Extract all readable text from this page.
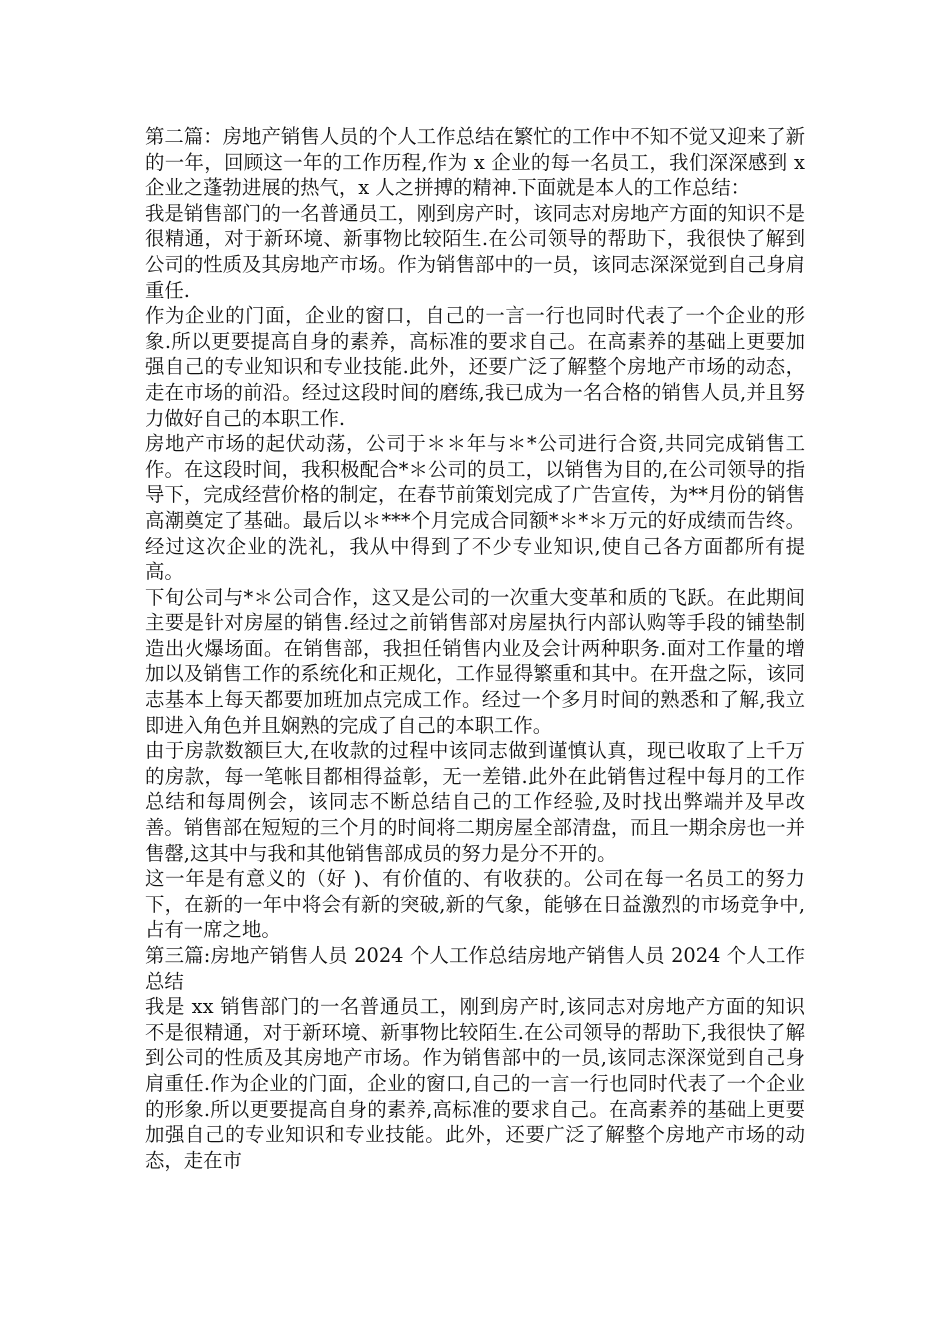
第二篇：房地产销售人员的个人工作总结在繁忙的工作中不知不觉又迎来了新的一年，回顾这一年的工作历程,作为 x 企业的每一名员工，我们深深感到 x 企业之蓬勃进展的热气，x 人之拼搏的精神.下面就是本人的工作总结：

我是销售部门的一名普通员工，刚到房产时，该同志对房地产方面的知识不是很精通，对于新环境、新事物比较陌生.在公司领导的帮助下，我很快了解到公司的性质及其房地产市场。作为销售部中的一员，该同志深深觉到自己身肩重任.

作为企业的门面，企业的窗口，自己的一言一行也同时代表了一个企业的形象.所以更要提高自身的素养，高标准的要求自己。在高素养的基础上更要加强自己的专业知识和专业技能.此外，还要广泛了解整个房地产市场的动态，走在市场的前沿。经过这段时间的磨练,我已成为一名合格的销售人员,并且努力做好自己的本职工作.

房地产市场的起伏动荡，公司于＊＊年与＊*公司进行合资,共同完成销售工作。在这段时间，我积极配合*＊公司的员工，以销售为目的,在公司领导的指导下，完成经营价格的制定，在春节前策划完成了广告宣传，为**月份的销售高潮奠定了基础。最后以＊***个月完成合同额*＊*＊万元的好成绩而告终。经过这次企业的洗礼，我从中得到了不少专业知识,使自己各方面都所有提高。

下旬公司与*＊公司合作，这又是公司的一次重大变革和质的飞跃。在此期间主要是针对房屋的销售.经过之前销售部对房屋执行内部认购等手段的铺垫制造出火爆场面。在销售部，我担任销售内业及会计两种职务.面对工作量的增加以及销售工作的系统化和正规化，工作显得繁重和其中。在开盘之际，该同志基本上每天都要加班加点完成工作。经过一个多月时间的熟悉和了解,我立即进入角色并且娴熟的完成了自己的本职工作。

由于房款数额巨大,在收款的过程中该同志做到谨慎认真，现已收取了上千万的房款，每一笔帐目都相得益彰，无一差错.此外在此销售过程中每月的工作总结和每周例会，该同志不断总结自己的工作经验,及时找出弊端并及早改善。销售部在短短的三个月的时间将二期房屋全部清盘，而且一期余房也一并售罄,这其中与我和其他销售部成员的努力是分不开的。

这一年是有意义的（好 )、有价值的、有收获的。公司在每一名员工的努力下，在新的一年中将会有新的突破,新的气象，能够在日益激烈的市场竞争中,占有一席之地。

第三篇:房地产销售人员 2024 个人工作总结房地产销售人员 2024 个人工作总结

我是 xx 销售部门的一名普通员工，刚到房产时,该同志对房地产方面的知识不是很精通，对于新环境、新事物比较陌生.在公司领导的帮助下,我很快了解到公司的性质及其房地产市场。作为销售部中的一员,该同志深深觉到自己身肩重任.作为企业的门面，企业的窗口,自己的一言一行也同时代表了一个企业的形象.所以更要提高自身的素养,高标准的要求自己。在高素养的基础上更要加强自己的专业知识和专业技能。此外，还要广泛了解整个房地产市场的动态，走在市
